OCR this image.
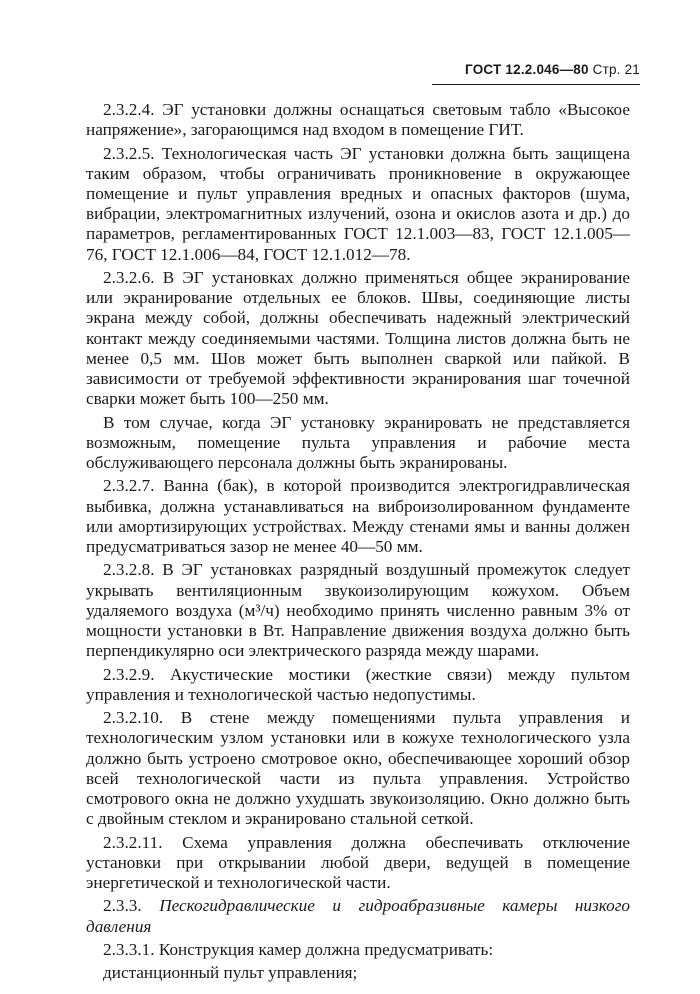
ГОСТ 12.2.046—80 Стр. 21

2.3.2.4. ЭГ установки должны оснащаться световым табло «Высокое напряжение», загорающимся над входом в помещение ГИТ.

2.3.2.5. Технологическая часть ЭГ установки должна быть защищена таким образом, чтобы ограничивать проникновение в окружающее помещение и пульт управления вредных и опасных факторов (шума, вибрации, электромагнитных излучений, озона и окислов азота и др.) до параметров, регламентированных ГОСТ 12.1.003—83, ГОСТ 12.1.005—76, ГОСТ 12.1.006—84, ГОСТ 12.1.012—78.

2.3.2.6. В ЭГ установках должно применяться общее экранирование или экранирование отдельных ее блоков. Швы, соединяющие листы экрана между собой, должны обеспечивать надежный электрический контакт между соединяемыми частями. Толщина листов должна быть не менее 0,5 мм. Шов может быть выполнен сваркой или пайкой. В зависимости от требуемой эффективности экранирования шаг точечной сварки может быть 100—250 мм.

В том случае, когда ЭГ установку экранировать не представляется возможным, помещение пульта управления и рабочие места обслуживающего персонала должны быть экранированы.

2.3.2.7. Ванна (бак), в которой производится электрогидравлическая выбивка, должна устанавливаться на виброизолированном фундаменте или амортизирующих устройствах. Между стенами ямы и ванны должен предусматриваться зазор не менее 40—50 мм.

2.3.2.8. В ЭГ установках разрядный воздушный промежуток следует укрывать вентиляционным звукоизолирующим кожухом. Объем удаляемого воздуха (м³/ч) необходимо принять численно равным 3% от мощности установки в Вт. Направление движения воздуха должно быть перпендикулярно оси электрического разряда между шарами.

2.3.2.9. Акустические мостики (жесткие связи) между пультом управления и технологической частью недопустимы.

2.3.2.10. В стене между помещениями пульта управления и технологическим узлом установки или в кожухе технологического узла должно быть устроено смотровое окно, обеспечивающее хороший обзор всей технологической части из пульта управления. Устройство смотрового окна не должно ухудшать звукоизоляцию. Окно должно быть с двойным стеклом и экранировано стальной сеткой.

2.3.2.11. Схема управления должна обеспечивать отключение установки при открывании любой двери, ведущей в помещение энергетической и технологической части.

2.3.3. Пескогидравлические и гидроабразивные камеры низкого давления

2.3.3.1. Конструкция камер должна предусматривать:

дистанционный пульт управления;
